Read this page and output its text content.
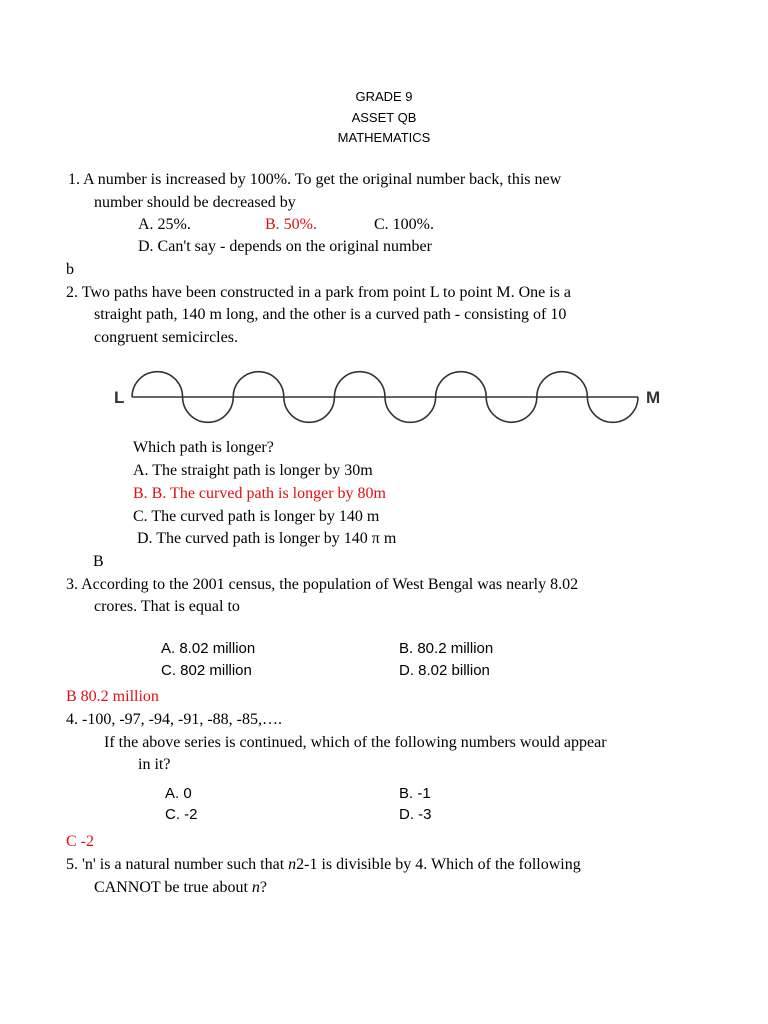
GRADE 9
ASSET QB
MATHEMATICS
1. A number is increased by 100%. To get the original number back, this new
number should be decreased by
A. 25%.	B. 50%.	C. 100%.
D. Can't say - depends on the original number
b
2. Two paths have been constructed in a park from point L to point M. One is a
straight path, 140 m long, and the other is a curved path - consisting of 10
congruent semicircles.
L	M
Which path is longer?
A. The straight path is longer by 30m
B. B. The curved path is longer by 80m
C. The curved path is longer by 140 m
D. The curved path is longer by 140 π m
B
3. According to the 2001 census, the population of West Bengal was nearly 8.02
crores. That is equal to
A. 8.02 million	B. 80.2 million
C. 802 million	D. 8.02 billion
B 80.2 million
4. -100, -97, -94, -91, -88, -85,….
If the above series is continued, which of the following numbers would appear
in it?
A. 0	B. -1
C. -2	D. -3
C -2
5. 'n' is a natural number such that n2-1 is divisible by 4. Which of the following
CANNOT be true about n?
